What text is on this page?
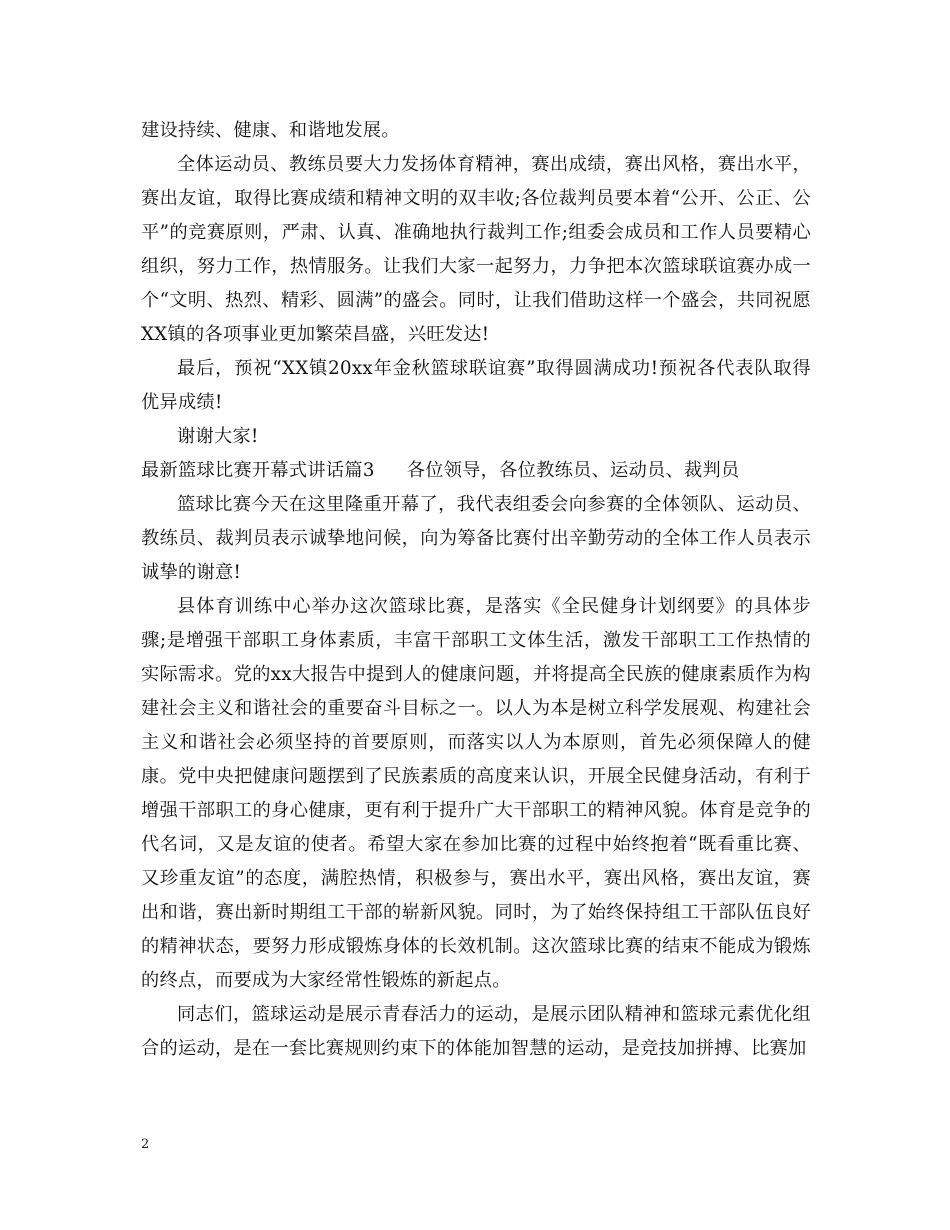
建设持续、健康、和谐地发展。

全体运动员、教练员要大力发扬体育精神，赛出成绩，赛出风格，赛出水平，赛出友谊，取得比赛成绩和精神文明的双丰收;各位裁判员要本着“公开、公正、公平”的竞赛原则，严肃、认真、准确地执行裁判工作;组委会成员和工作人员要精心组织，努力工作，热情服务。让我们大家一起努力，力争把本次篮球联谊赛办成一个“文明、热烈、精彩、圆满”的盛会。同时，让我们借助这样一个盛会，共同祝愿XX镇的各项事业更加繁荣昌盛，兴旺发达!

最后，预祝“XX镇20xx年金秋篮球联谊赛”取得圆满成功!预祝各代表队取得优异成绩!

谢谢大家!

最新篮球比赛开幕式讲话篇3 各位领导，各位教练员、运动员、裁判员

篮球比赛今天在这里隆重开幕了，我代表组委会向参赛的全体领队、运动员、教练员、裁判员表示诚挚地问候，向为筹备比赛付出辛勤劳动的全体工作人员表示诚挚的谢意!

县体育训练中心举办这次篮球比赛，是落实《全民健身计划纲要》的具体步骤;是增强干部职工身体素质，丰富干部职工文体生活，激发干部职工工作热情的实际需求。党的xx大报告中提到人的健康问题，并将提高全民族的健康素质作为构建社会主义和谐社会的重要奋斗目标之一。以人为本是树立科学发展观、构建社会主义和谐社会必须坚持的首要原则，而落实以人为本原则，首先必须保障人的健康。党中央把健康问题摆到了民族素质的高度来认识，开展全民健身活动，有利于增强干部职工的身心健康，更有利于提升广大干部职工的精神风貌。体育是竞争的代名词，又是友谊的使者。希望大家在参加比赛的过程中始终抱着“既看重比赛、又珍重友谊”的态度，满腔热情，积极参与，赛出水平，赛出风格，赛出友谊，赛出和谐，赛出新时期组工干部的崭新风貌。同时，为了始终保持组工干部队伍良好的精神状态，要努力形成锻炼身体的长效机制。这次篮球比赛的结束不能成为锻炼的终点，而要成为大家经常性锻炼的新起点。

同志们，篮球运动是展示青春活力的运动，是展示团队精神和篮球元素优化组合的运动，是在一套比赛规则约束下的体能加智慧的运动，是竞技加拼搏、比赛加

2
